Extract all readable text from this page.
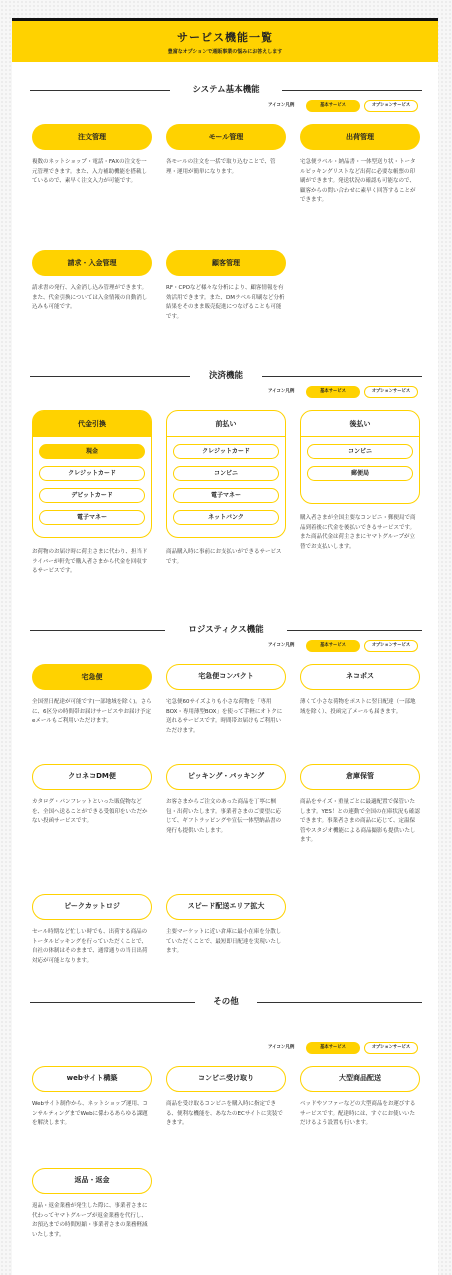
サービス機能一覧
豊富なオプションで通販事業の悩みにお答えします
システム基本機能
アイコン凡例	基本サービス	オプションサービス
注文管理
複数のネットショップ・電話・FAXの注文を一元管理できます。また、入力補助機能を搭載しているので、素早く注文入力が可能です。
モール管理
各モールの注文を一括で取り込むことで、管理・運用が簡単になります。
出荷管理
宅急便ラベル・納品書・一体型送り状・トータルピッキングリストなど出荷に必要な帳票の印刷ができます。発送状況の確認も可能なので、顧客からの問い合わせに素早く回答することができます。
請求・入金管理
請求書の発行、入金消し込み管理ができます。また、代金引換については入金情報の自動消し込みも可能です。
顧客管理
RF・CPOなど様々な分析により、顧客情報を有効活用できます。また、DMラベル印刷など分析結果をそのまま販売促進につなげることも可能です。
決済機能
アイコン凡例	基本サービス	オプションサービス
代金引換
現金
クレジットカード
デビットカード
電子マネー
お荷物のお届け時に荷主さまに代わり、担当ドライバーが軒先で購入者さまから代金を回収するサービスです。
前払い
クレジットカード
コンビニ
電子マネー
ネットバンク
商品購入時に事前にお支払いができるサービスです。
後払い
コンビニ
郵便局
購入者さまが全国主要なコンビニ・郵便局で商品到着後に代金を後払いできるサービスです。また商品代金は荷主さまにヤマトグループが立替でお支払いします。
ロジスティクス機能
アイコン凡例	基本サービス	オプションサービス
宅急便
全国翌日配達が可能です(一部地域を除く)。さらに、6区分の時間帯お届けサービスやお届け予定eメールもご利用いただけます。
宅急便コンパクト
宅急便60サイズよりも小さな荷物を「専用BOX・専用薄型BOX」を使って手軽にオトクに送れるサービスです。時間帯お届けもご利用いただけます。
ネコポス
薄くて小さな荷物をポストに翌日配達（一部地域を除く）、投函完了メールも届きます。
クロネコDM便
カタログ・パンフレットといった販促物などを、全国へ送ることができる受領印をいただかない投函サービスです。
ピッキング・パッキング
お客さまからご注文のあった商品を丁寧に梱包・出荷いたします。事業者さまのご要望に応じて、ギフトラッピングや宣伝一体型納品書の発行も提供いたします。
倉庫保管
商品をサイズ・重量ごとに最適配置で保管いたします。YES！との連動で全国の在庫状況も確認できます。事業者さまの商品に応じて、定温保管やスタジオ機能による商品撮影も提供いたします。
ピークカットロジ
セール時期など忙しい時でも、出荷する商品のトータルピッキングを行っていただくことで、自社の体制はそのままで、通常通りの当日出荷対応が可能となります。
スピード配送エリア拡大
主要マーケットに近い倉庫に最小在庫を分散していただくことで、最短即日配達を実現いたします。
その他
アイコン凡例	基本サービス	オプションサービス
webサイト構築
Webサイト制作から、ネットショップ運用、コンサルティングまでWebに係わるあらゆる課題を解決します。
コンビニ受け取り
商品を受け取るコンビニを購入時に指定できる、便利な機能を、あなたのECサイトに実装できます。
大型商品配送
ベッドやソファーなどの大型商品をお運びするサービスです。配達時には、すぐにお使いいただけるよう設置も行います。
返品・返金
返品・返金業務が発生した際に、事業者さまに代わってヤマトグループが返金業務を代行し、お預込までの時間短縮・事業者さまの業務軽減いたします。
